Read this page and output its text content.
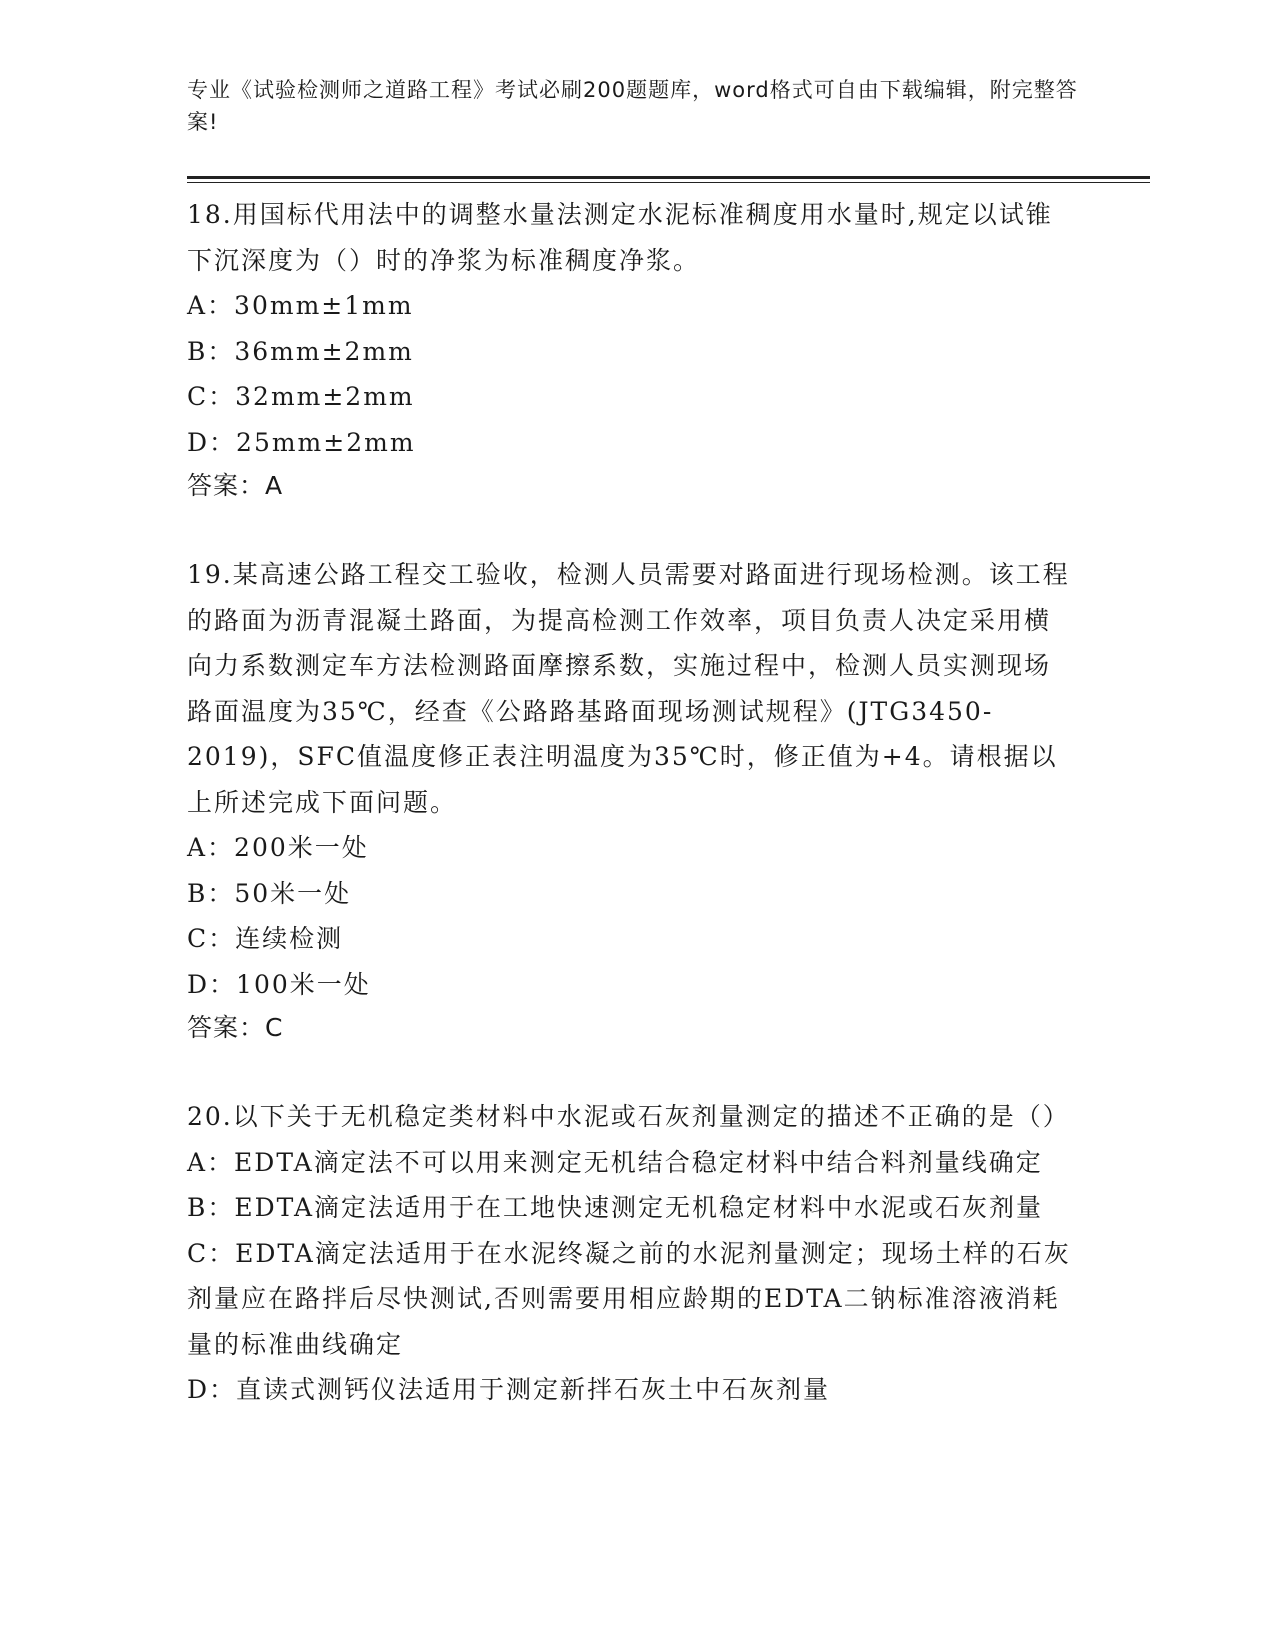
专业《试验检测师之道路工程》考试必刷200题题库，word格式可自由下载编辑，附完整答案!
18.用国标代用法中的调整水量法测定水泥标准稠度用水量时,规定以试锥下沉深度为（）时的净浆为标准稠度净浆。
A：30mm±1mm
B：36mm±2mm
C：32mm±2mm
D：25mm±2mm
答案：A
19.某高速公路工程交工验收，检测人员需要对路面进行现场检测。该工程的路面为沥青混凝土路面，为提高检测工作效率，项目负责人决定采用横向力系数测定车方法检测路面摩擦系数，实施过程中，检测人员实测现场路面温度为35℃，经查《公路路基路面现场测试规程》(JTG3450-2019)，SFC值温度修正表注明温度为35℃时，修正值为+4。请根据以上所述完成下面问题。
A：200米一处
B：50米一处
C：连续检测
D：100米一处
答案：C
20.以下关于无机稳定类材料中水泥或石灰剂量测定的描述不正确的是（）
A：EDTA滴定法不可以用来测定无机结合稳定材料中结合料剂量线确定
B：EDTA滴定法适用于在工地快速测定无机稳定材料中水泥或石灰剂量
C：EDTA滴定法适用于在水泥终凝之前的水泥剂量测定；现场土样的石灰剂量应在路拌后尽快测试,否则需要用相应龄期的EDTA二钠标准溶液消耗量的标准曲线确定
D：直读式测钙仪法适用于测定新拌石灰土中石灰剂量
